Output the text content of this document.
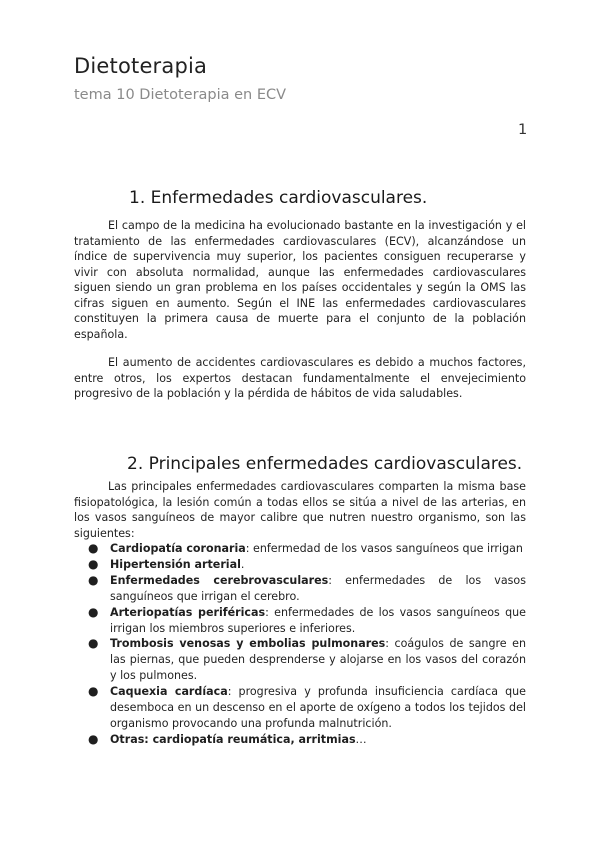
Dietoterapia
tema 10 Dietoterapia en ECV
1
1. Enfermedades cardiovasculares.

El campo de la medicina ha evolucionado bastante en la investigación y el tratamiento de las enfermedades cardiovasculares (ECV), alcanzándose un índice de supervivencia muy superior, los pacientes consiguen recuperarse y vivir con absoluta normalidad, aunque las enfermedades cardiovasculares siguen siendo un gran problema en los países occidentales y según la OMS las cifras siguen en aumento. Según el INE las enfermedades cardiovasculares constituyen la primera causa de muerte para el conjunto de la población española.

El aumento de accidentes cardiovasculares es debido a muchos factores, entre otros, los expertos destacan fundamentalmente el envejecimiento progresivo de la población y la pérdida de hábitos de vida saludables.

2. Principales enfermedades cardiovasculares.

Las principales enfermedades cardiovasculares comparten la misma base fisiopatológica, la lesión común a todas ellos se sitúa a nivel de las arterias, en los vasos sanguíneos de mayor calibre que nutren nuestro organismo, son las siguientes:

● Cardiopatía coronaria: enfermedad de los vasos sanguíneos que irrigan
● Hipertensión arterial.
● Enfermedades cerebrovasculares: enfermedades de los vasos sanguíneos que irrigan el cerebro.
● Arteriopatías periféricas: enfermedades de los vasos sanguíneos que irrigan los miembros superiores e inferiores.
● Trombosis venosas y embolias pulmonares: coágulos de sangre en las piernas, que pueden desprenderse y alojarse en los vasos del corazón y los pulmones.
● Caquexia cardíaca: progresiva y profunda insuficiencia cardíaca que desemboca en un descenso en el aporte de oxígeno a todos los tejidos del organismo provocando una profunda malnutrición.
● Otras: cardiopatía reumática, arritmias…
